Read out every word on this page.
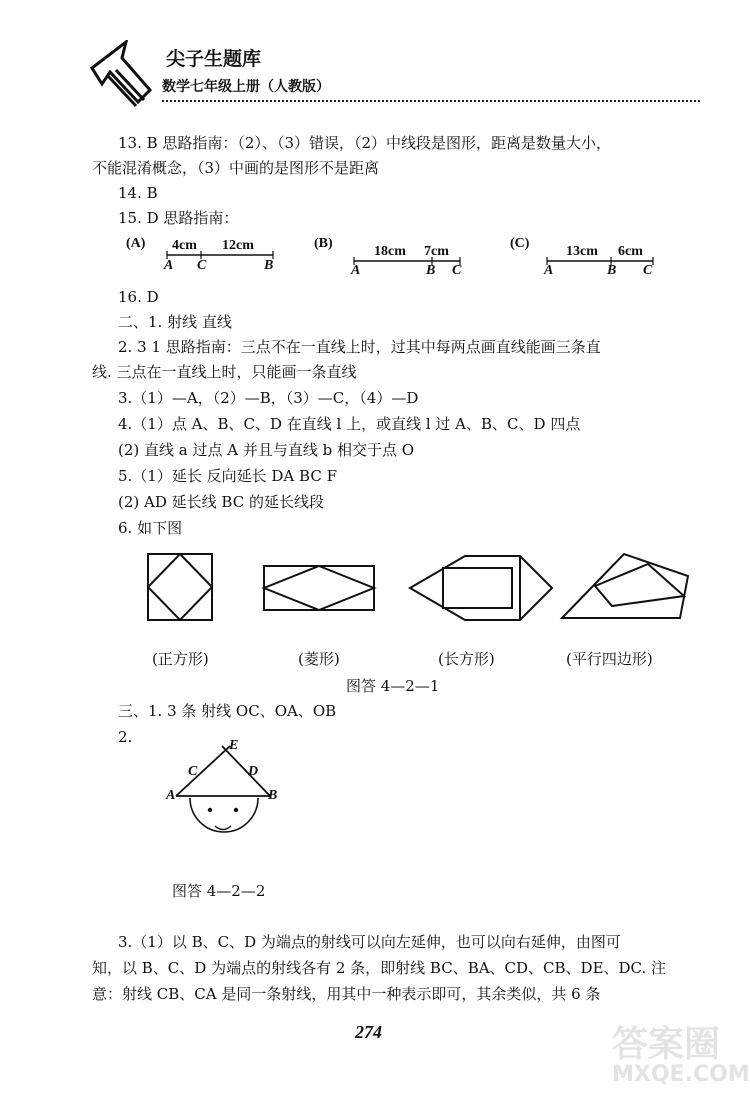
尖子生题库
数学七年级上册（人教版）
13. B 思路指南：（2）、（3）错误，（2）中线段是图形，距离是数量大小，
不能混淆概念，（3）中画的是图形不是距离
14. B
15. D 思路指南：
(A) 4cm 12cm
A C	B
(B)
18cm 7cm
A	B C
(C)
13cm 6cm
A	B C
16. D
二、1. 射线 直线
2. 3 1 思路指南：三点不在一直线上时，过其中每两点画直线能画三条直
线. 三点在一直线上时，只能画一条直线
3.（1）—A，（2）—B，（3）—C，（4）—D
4.（1）点 A、B、C、D 在直线 l 上，或直线 l 过 A、B、C、D 四点
(2) 直线 a 过点 A 并且与直线 b 相交于点 O
5.（1）延长 反向延长 DA BC F
(2) AD 延长线 BC 的延长线段
6. 如下图
(正方形)	(菱形)	(长方形)	(平行四边形)
图答 4—2—1
三、1. 3 条 射线 OC、OA、OB
2.	E
C	D
A	B
图答 4—2—2
3.（1）以 B、C、D 为端点的射线可以向左延伸，也可以向右延伸，由图可
知，以 B、C、D 为端点的射线各有 2 条，即射线 BC、BA、CD、CB、DE、DC. 注
意：射线 CB、CA 是同一条射线，用其中一种表示即可，其余类似，共 6 条
274	答案圈
MXQE.COM
